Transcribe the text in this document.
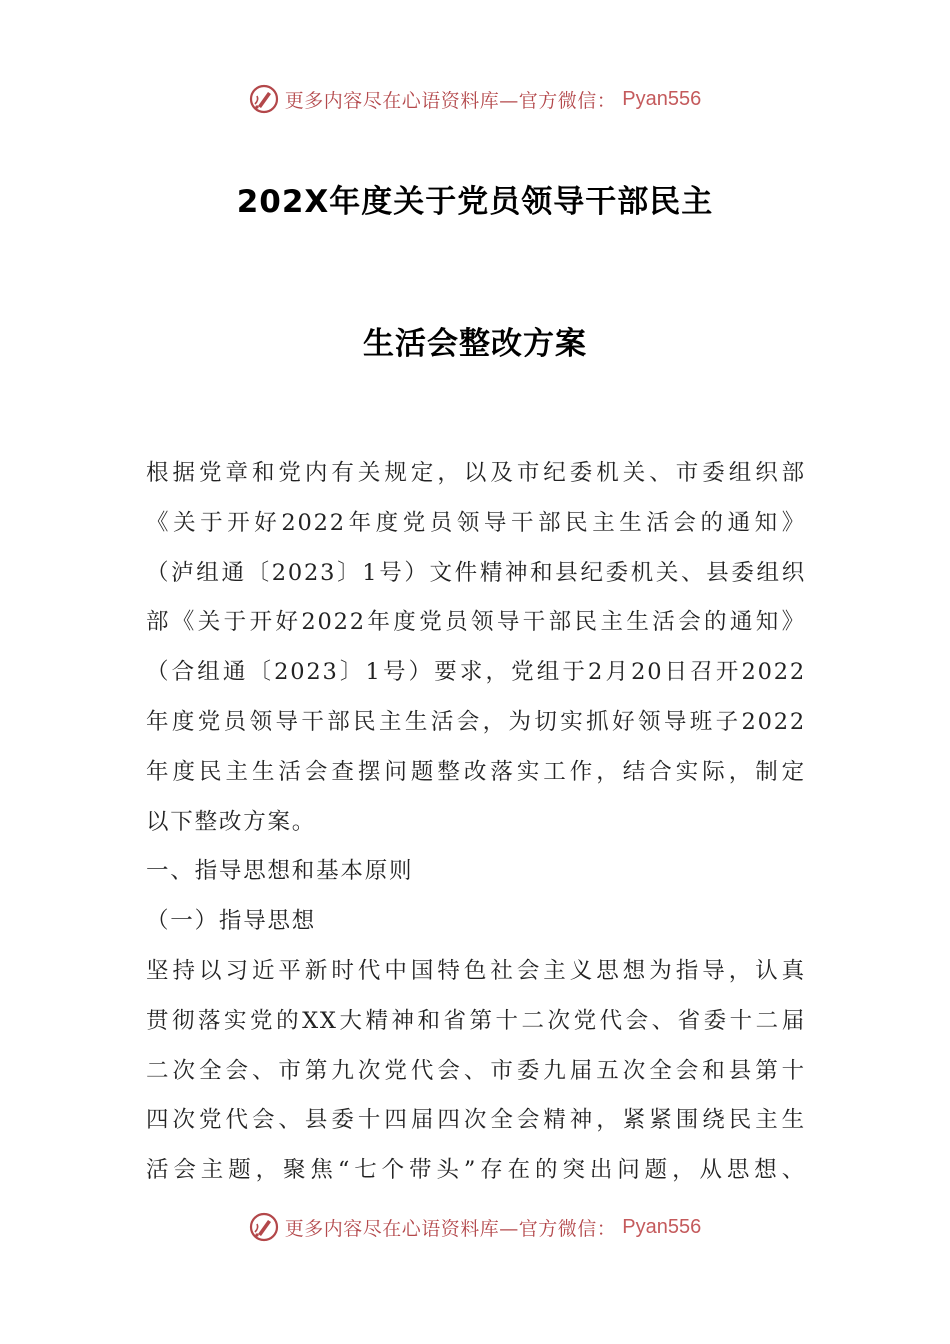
更多内容尽在心语资料库—官方微信： Pyan556
202X年度关于党员领导干部民主
生活会整改方案
根据党章和党内有关规定，以及市纪委机关、市委组织部
《关于开好2022年度党员领导干部民主生活会的通知》
（泸组通〔2023〕1号）文件精神和县纪委机关、县委组织
部《关于开好2022年度党员领导干部民主生活会的通知》
（合组通〔2023〕1号）要求，党组于2月20日召开2022
年度党员领导干部民主生活会，为切实抓好领导班子2022
年度民主生活会查摆问题整改落实工作，结合实际，制定
以下整改方案。
一、指导思想和基本原则
（一）指导思想
坚持以习近平新时代中国特色社会主义思想为指导，认真
贯彻落实党的XX大精神和省第十二次党代会、省委十二届
二次全会、市第九次党代会、市委九届五次全会和县第十
四次党代会、县委十四届四次全会精神，紧紧围绕民主生
活会主题，聚焦“七个带头”存在的突出问题，从思想、
更多内容尽在心语资料库—官方微信： Pyan556
